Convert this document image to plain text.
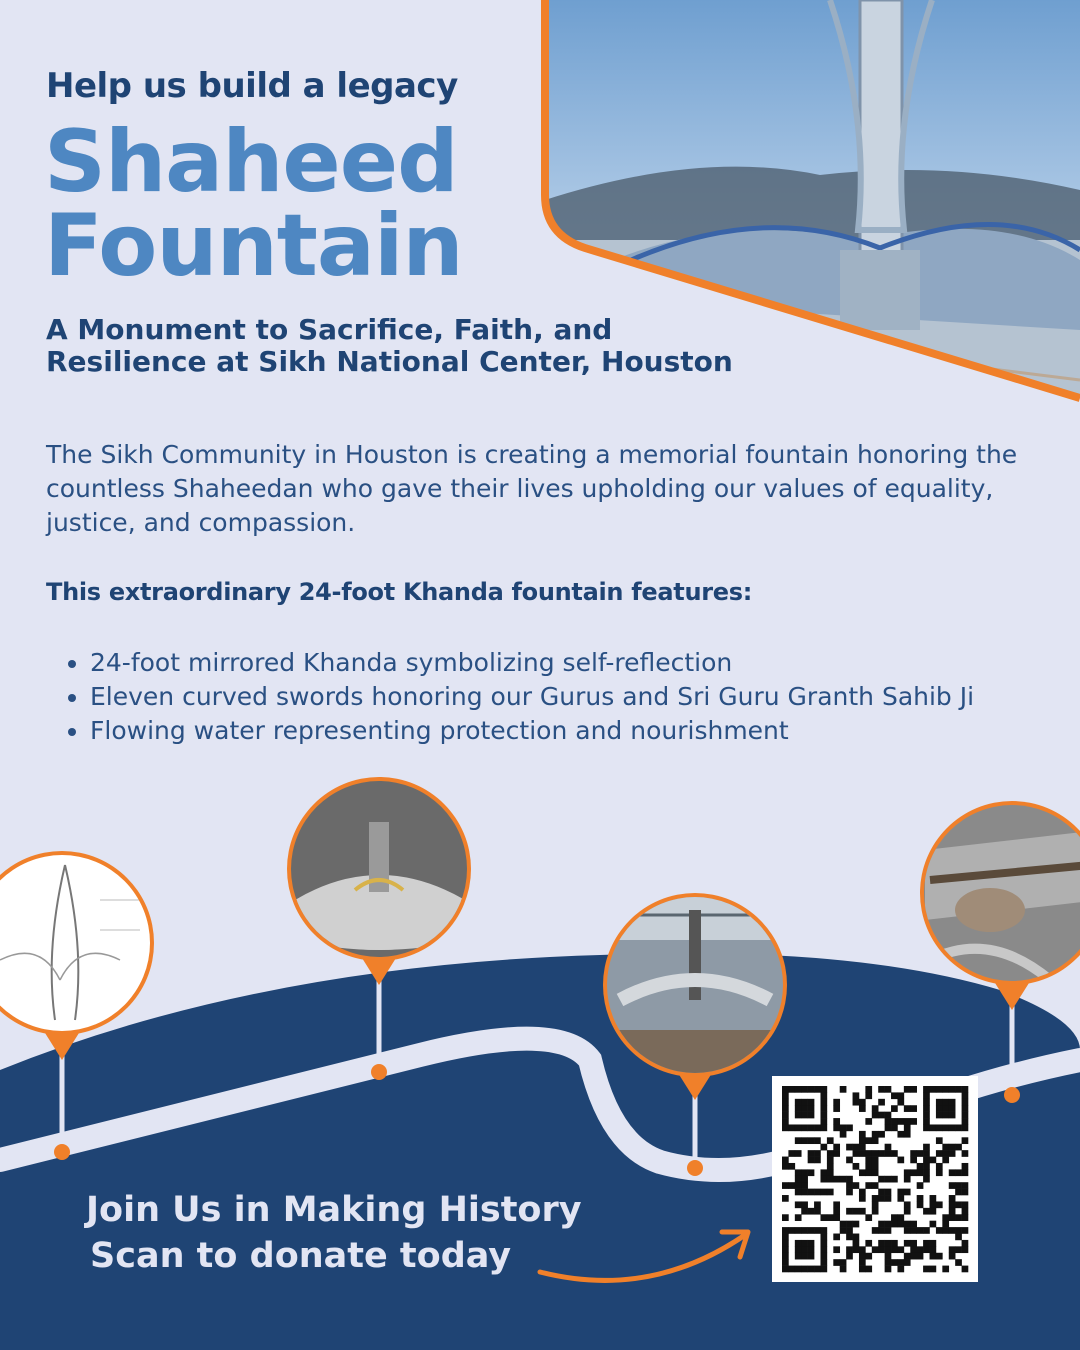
Help us build a legacy
Shaheed
Fountain
A Monument to Sacrifice, Faith, and
Resilience at Sikh National Center, Houston
The Sikh Community in Houston is creating a memorial fountain honoring the countless Shaheedan who gave their lives upholding our values of equality, justice, and compassion.
This extraordinary 24-foot Khanda fountain features:
• 24-foot mirrored Khanda symbolizing self-reflection
• Eleven curved swords honoring our Gurus and Sri Guru Granth Sahib Ji
• Flowing water representing protection and nourishment
Join Us in Making History
Scan to donate today
